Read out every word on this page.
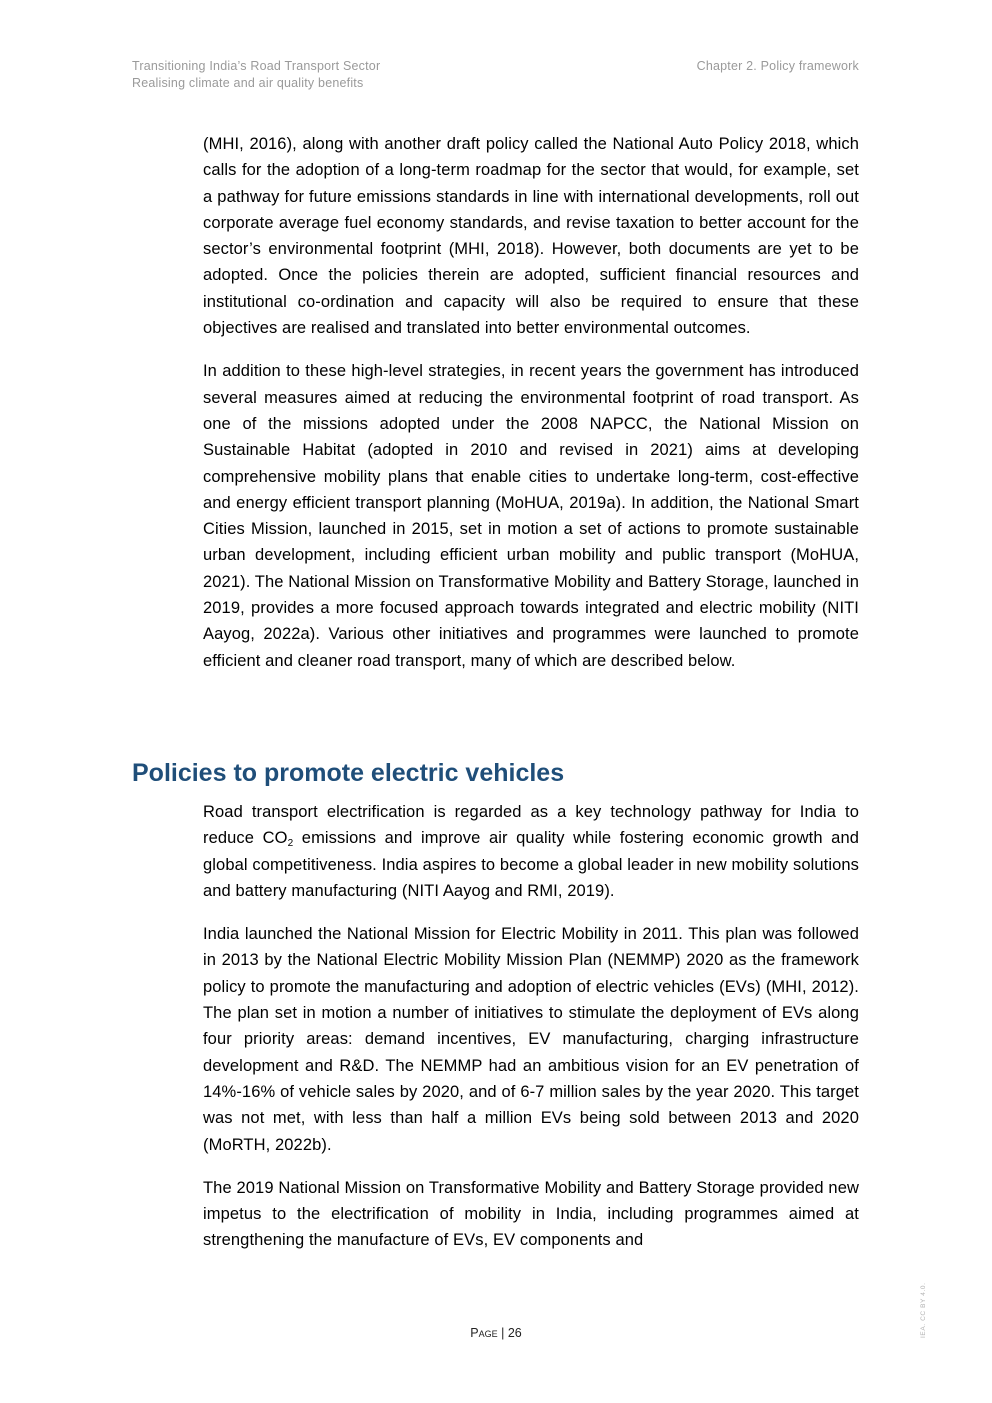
Transitioning India’s Road Transport Sector
Realising climate and air quality benefits
Chapter 2. Policy framework

(MHI, 2016), along with another draft policy called the National Auto Policy 2018, which calls for the adoption of a long-term roadmap for the sector that would, for example, set a pathway for future emissions standards in line with international developments, roll out corporate average fuel economy standards, and revise taxation to better account for the sector’s environmental footprint (MHI, 2018). However, both documents are yet to be adopted. Once the policies therein are adopted, sufficient financial resources and institutional co-ordination and capacity will also be required to ensure that these objectives are realised and translated into better environmental outcomes.

In addition to these high-level strategies, in recent years the government has introduced several measures aimed at reducing the environmental footprint of road transport. As one of the missions adopted under the 2008 NAPCC, the National Mission on Sustainable Habitat (adopted in 2010 and revised in 2021) aims at developing comprehensive mobility plans that enable cities to undertake long-term, cost-effective and energy efficient transport planning (MoHUA, 2019a). In addition, the National Smart Cities Mission, launched in 2015, set in motion a set of actions to promote sustainable urban development, including efficient urban mobility and public transport (MoHUA, 2021). The National Mission on Transformative Mobility and Battery Storage, launched in 2019, provides a more focused approach towards integrated and electric mobility (NITI Aayog, 2022a). Various other initiatives and programmes were launched to promote efficient and cleaner road transport, many of which are described below.

Policies to promote electric vehicles

Road transport electrification is regarded as a key technology pathway for India to reduce $CO_2$ emissions and improve air quality while fostering economic growth and global competitiveness. India aspires to become a global leader in new mobility solutions and battery manufacturing (NITI Aayog and RMI, 2019).

India launched the National Mission for Electric Mobility in 2011. This plan was followed in 2013 by the National Electric Mobility Mission Plan (NEMMP) 2020 as the framework policy to promote the manufacturing and adoption of electric vehicles (EVs) (MHI, 2012). The plan set in motion a number of initiatives to stimulate the deployment of EVs along four priority areas: demand incentives, EV manufacturing, charging infrastructure development and R&D. The NEMMP had an ambitious vision for an EV penetration of 14%-16% of vehicle sales by 2020, and of 6-7 million sales by the year 2020. This target was not met, with less than half a million EVs being sold between 2013 and 2020 (MoRTH, 2022b).

The 2019 National Mission on Transformative Mobility and Battery Storage provided new impetus to the electrification of mobility in India, including programmes aimed at strengthening the manufacture of EVs, EV components and

Page | 26	IEA. CC BY 4.0.
